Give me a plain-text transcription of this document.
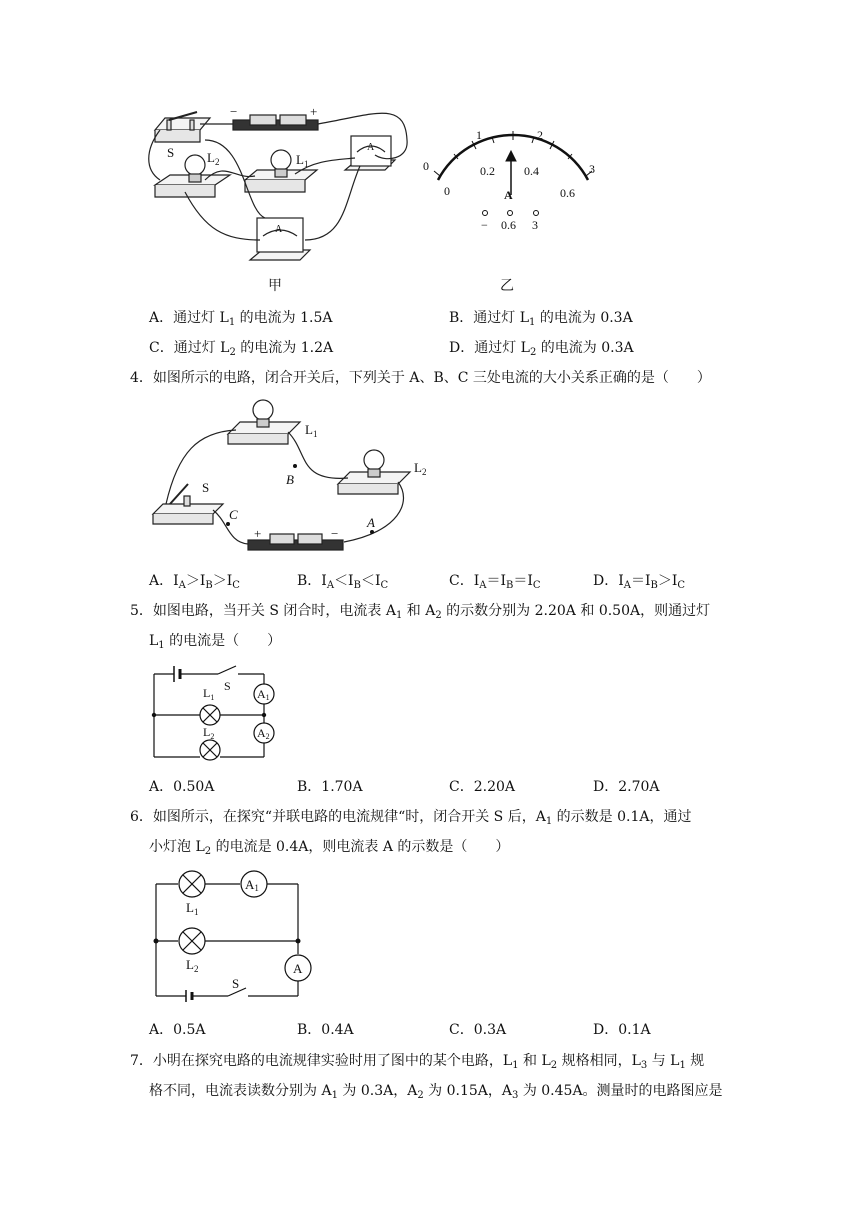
S	$L_2$	$L_1$
−	+
A
A
0
1	2
3
0
0.2 0.4
0.6
A
− 0.6 3
甲	乙
A．通过灯 $L_1$ 的电流为 1.5A	B．通过灯 $L_1$ 的电流为 0.3A
C．通过灯 $L_2$ 的电流为 1.2A	D．通过灯 $L_2$ 的电流为 0.3A
4．如图所示的电路，闭合开关后，下列关于 A、B、C 三处电流的大小关系正确的是（　　）
$L_1$
$L_2$
S
B
A
C
+	−
A．$I_A>I_B>I_C$	B．$I_A<I_B<I_C$	C．$I_A=I_B=I_C$	D．$I_A=I_B>I_C$
5．如图电路，当开关 S 闭合时，电流表 $A_1$ 和 $A_2$ 的示数分别为 2.20A 和 0.50A，则通过灯
$L_1$ 的电流是（　　）
S
$L_1$
$L_2$
A1
A2
A．0.50A	B．1.70A	C．2.20A	D．2.70A
6．如图所示，在探究“并联电路的电流规律“时，闭合开关 S 后，$A_1$ 的示数是 0.1A，通过
小灯泡 $L_2$ 的电流是 0.4A，则电流表 A 的示数是（　　）
$L_1$
$L_2$
A1
A
S
A．0.5A	B．0.4A	C．0.3A	D．0.1A
7．小明在探究电路的电流规律实验时用了图中的某个电路，$L_1$ 和 $L_2$ 规格相同，$L_3$ 与 $L_1$ 规
格不同，电流表读数分别为 $A_1$ 为 0.3A，$A_2$ 为 0.15A，$A_3$ 为 0.45A。测量时的电路图应是
